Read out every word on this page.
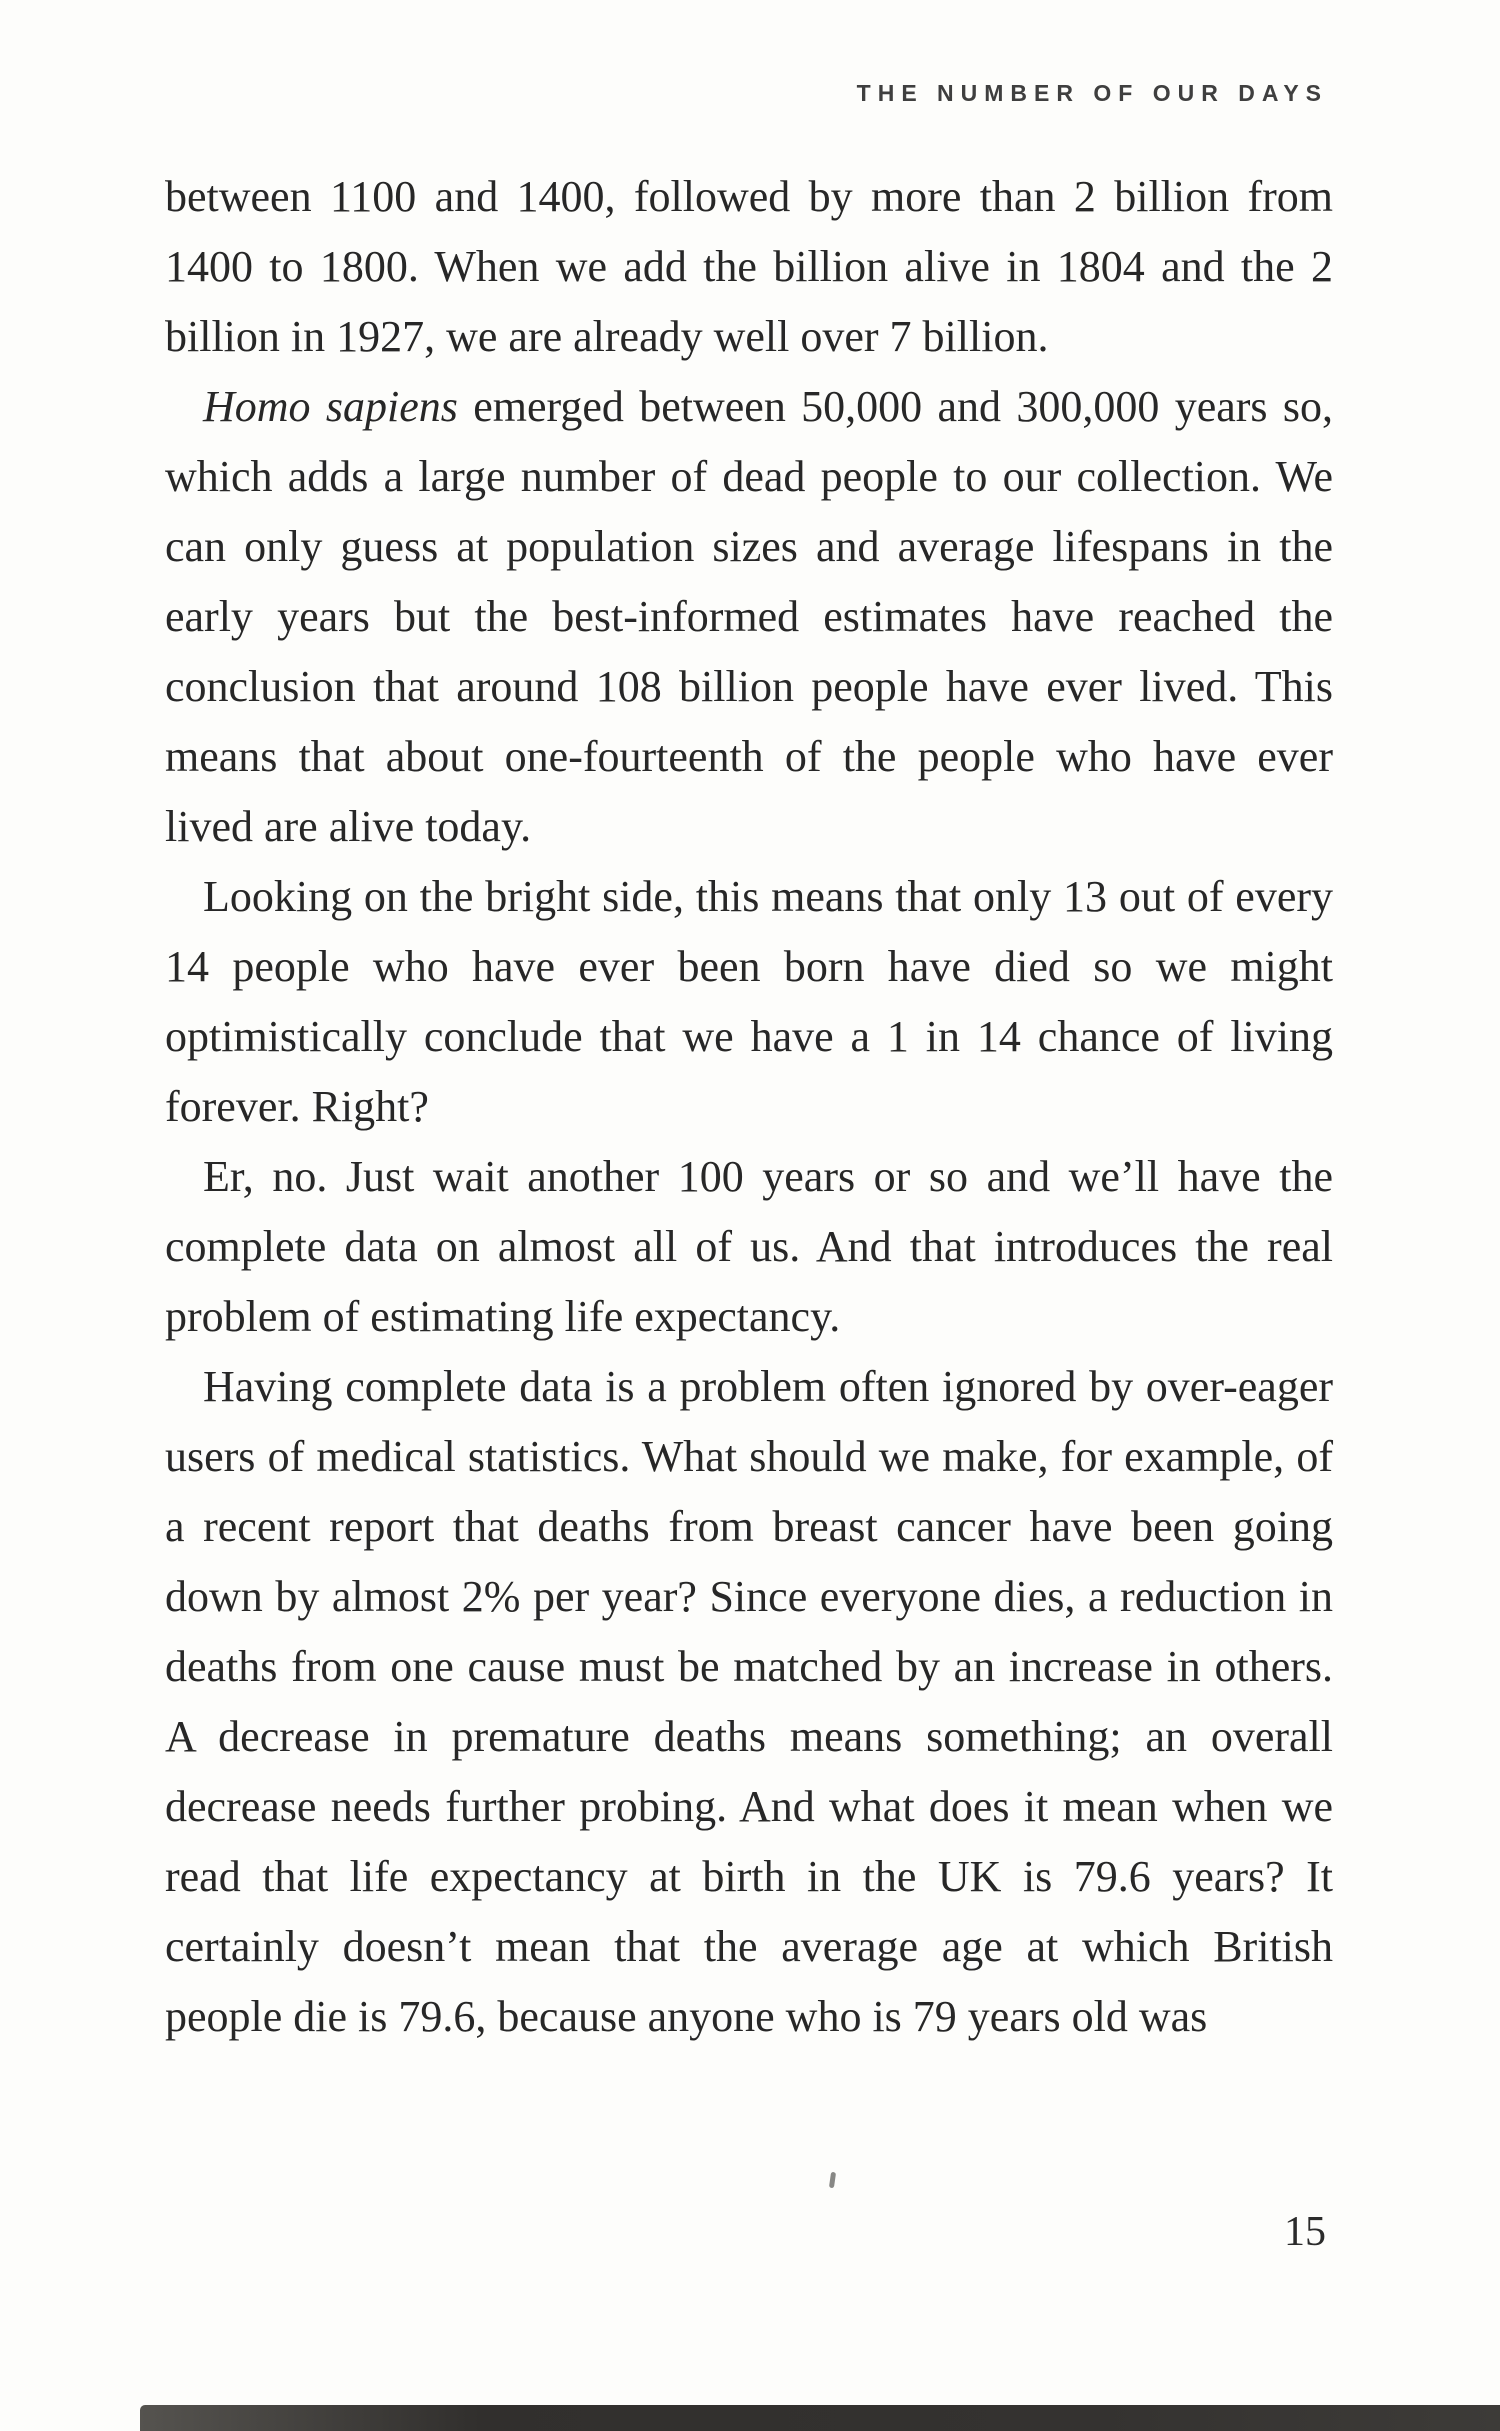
THE NUMBER OF OUR DAYS

between 1100 and 1400, followed by more than 2 billion from 1400 to 1800. When we add the billion alive in 1804 and the 2 billion in 1927, we are already well over 7 billion.

Homo sapiens emerged between 50,000 and 300,000 years so, which adds a large number of dead people to our collection. We can only guess at population sizes and average lifespans in the early years but the best-informed estimates have reached the conclusion that around 108 billion people have ever lived. This means that about one-fourteenth of the people who have ever lived are alive today.

Looking on the bright side, this means that only 13 out of every 14 people who have ever been born have died so we might optimistically conclude that we have a 1 in 14 chance of living forever. Right?

Er, no. Just wait another 100 years or so and we’ll have the complete data on almost all of us. And that introduces the real problem of estimating life expectancy.

Having complete data is a problem often ignored by over-eager users of medical statistics. What should we make, for example, of a recent report that deaths from breast cancer have been going down by almost 2% per year? Since everyone dies, a reduction in deaths from one cause must be matched by an increase in others. A decrease in premature deaths means something; an overall decrease needs further probing. And what does it mean when we read that life expectancy at birth in the UK is 79.6 years? It certainly doesn’t mean that the average age at which British people die is 79.6, because anyone who is 79 years old was

15
